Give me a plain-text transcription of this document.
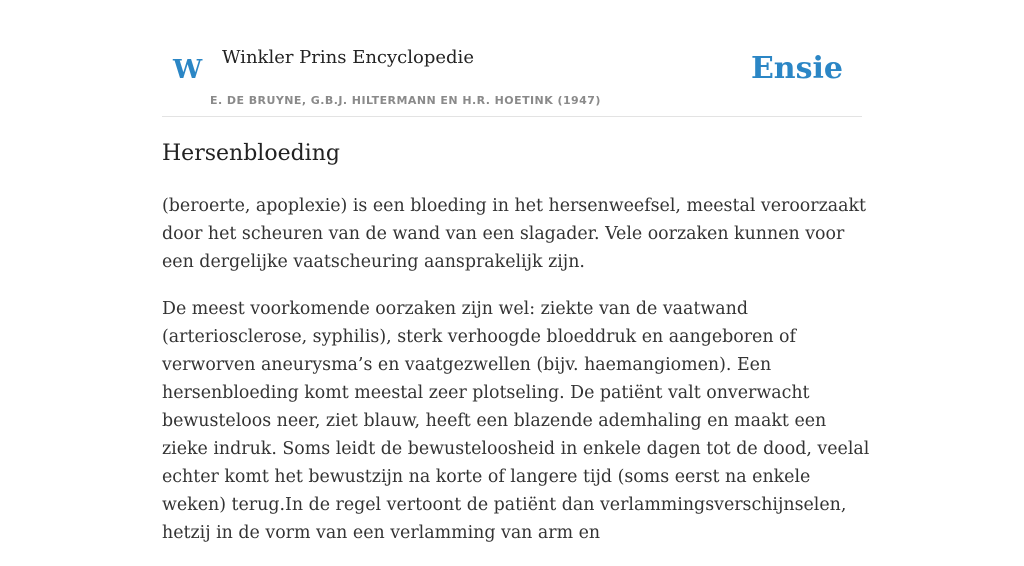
W Winkler Prins Encyclopedie
E. DE BRUYNE, G.B.J. HILTERMANN EN H.R. HOETINK (1947)
Ensie
Hersenbloeding

(beroerte, apoplexie) is een bloeding in het hersenweefsel, meestal veroorzaakt door het scheuren van de wand van een slagader. Vele oorzaken kunnen voor een dergelijke vaatscheuring aansprakelijk zijn.

De meest voorkomende oorzaken zijn wel: ziekte van de vaatwand (arteriosclerose, syphilis), sterk verhoogde bloeddruk en aangeboren of verworven aneurysma’s en vaatgezwellen (bijv. haemangiomen). Een hersenbloeding komt meestal zeer plotseling. De patiënt valt onverwacht bewusteloos neer, ziet blauw, heeft een blazende ademhaling en maakt een zieke indruk. Soms leidt de bewusteloosheid in enkele dagen tot de dood, veelal echter komt het bewustzijn na korte of langere tijd (soms eerst na enkele weken) terug.In de regel vertoont de patiënt dan verlammingsverschijnselen, hetzij in de vorm van een verlamming van arm en
